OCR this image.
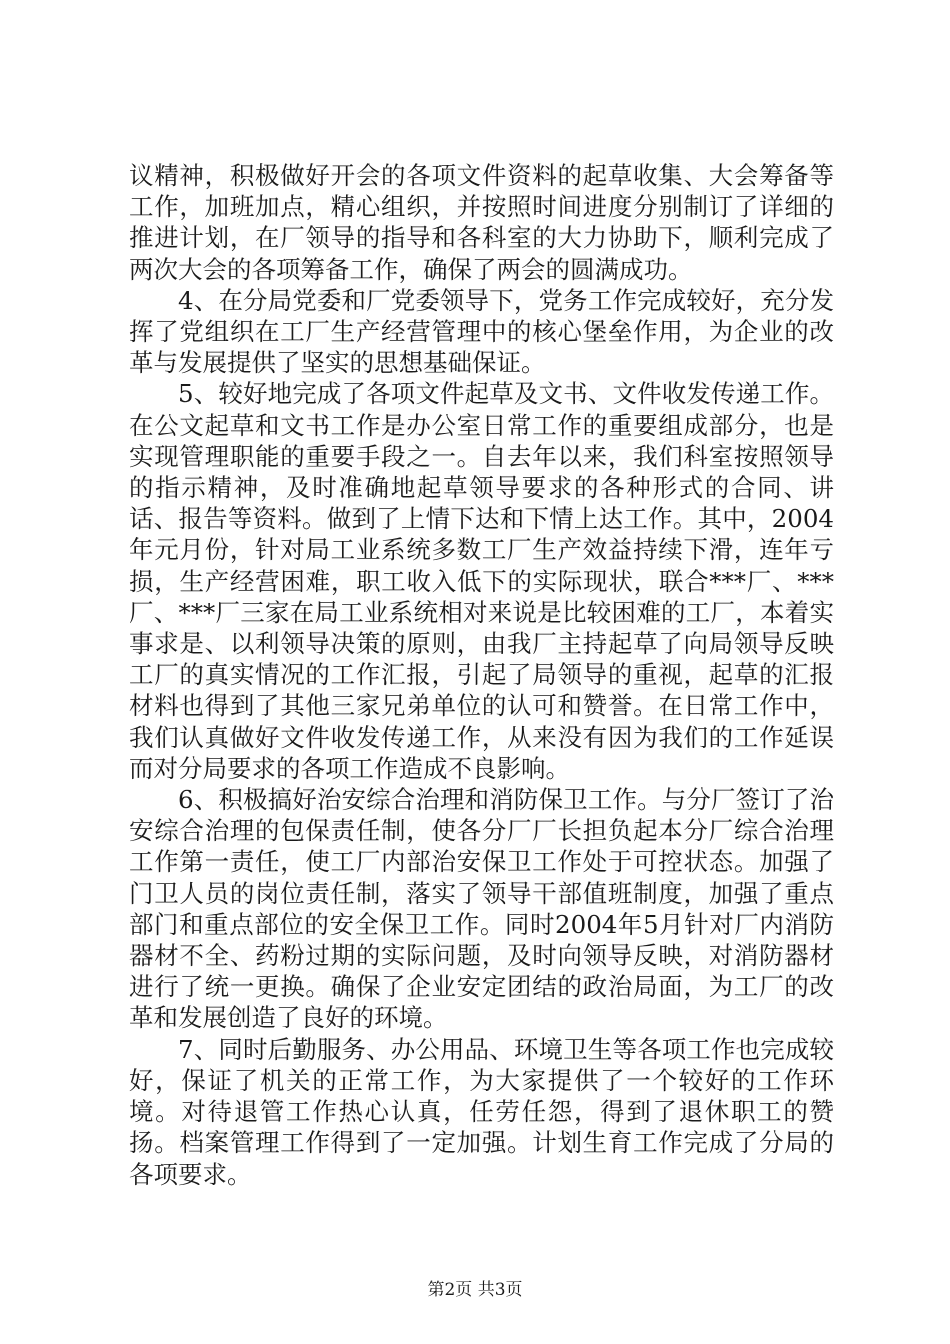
议精神，积极做好开会的各项文件资料的起草收集、大会筹备等工作，加班加点，精心组织，并按照时间进度分别制订了详细的推进计划，在厂领导的指导和各科室的大力协助下，顺利完成了两次大会的各项筹备工作，确保了两会的圆满成功。

4、在分局党委和厂党委领导下，党务工作完成较好，充分发挥了党组织在工厂生产经营管理中的核心堡垒作用，为企业的改革与发展提供了坚实的思想基础保证。

5、较好地完成了各项文件起草及文书、文件收发传递工作。在公文起草和文书工作是办公室日常工作的重要组成部分，也是实现管理职能的重要手段之一。自去年以来，我们科室按照领导的指示精神，及时准确地起草领导要求的各种形式的合同、讲话、报告等资料。做到了上情下达和下情上达工作。其中，2004年元月份，针对局工业系统多数工厂生产效益持续下滑，连年亏损，生产经营困难，职工收入低下的实际现状，联合***厂、***厂、***厂三家在局工业系统相对来说是比较困难的工厂，本着实事求是、以利领导决策的原则，由我厂主持起草了向局领导反映工厂的真实情况的工作汇报，引起了局领导的重视，起草的汇报材料也得到了其他三家兄弟单位的认可和赞誉。在日常工作中，我们认真做好文件收发传递工作，从来没有因为我们的工作延误而对分局要求的各项工作造成不良影响。

6、积极搞好治安综合治理和消防保卫工作。与分厂签订了治安综合治理的包保责任制，使各分厂厂长担负起本分厂综合治理工作第一责任，使工厂内部治安保卫工作处于可控状态。加强了门卫人员的岗位责任制，落实了领导干部值班制度，加强了重点部门和重点部位的安全保卫工作。同时2004年5月针对厂内消防器材不全、药粉过期的实际问题，及时向领导反映，对消防器材进行了统一更换。确保了企业安定团结的政治局面，为工厂的改革和发展创造了良好的环境。

7、同时后勤服务、办公用品、环境卫生等各项工作也完成较好，保证了机关的正常工作，为大家提供了一个较好的工作环境。对待退管工作热心认真，任劳任怨，得到了退休职工的赞扬。档案管理工作得到了一定加强。计划生育工作完成了分局的各项要求。

第2页 共3页
